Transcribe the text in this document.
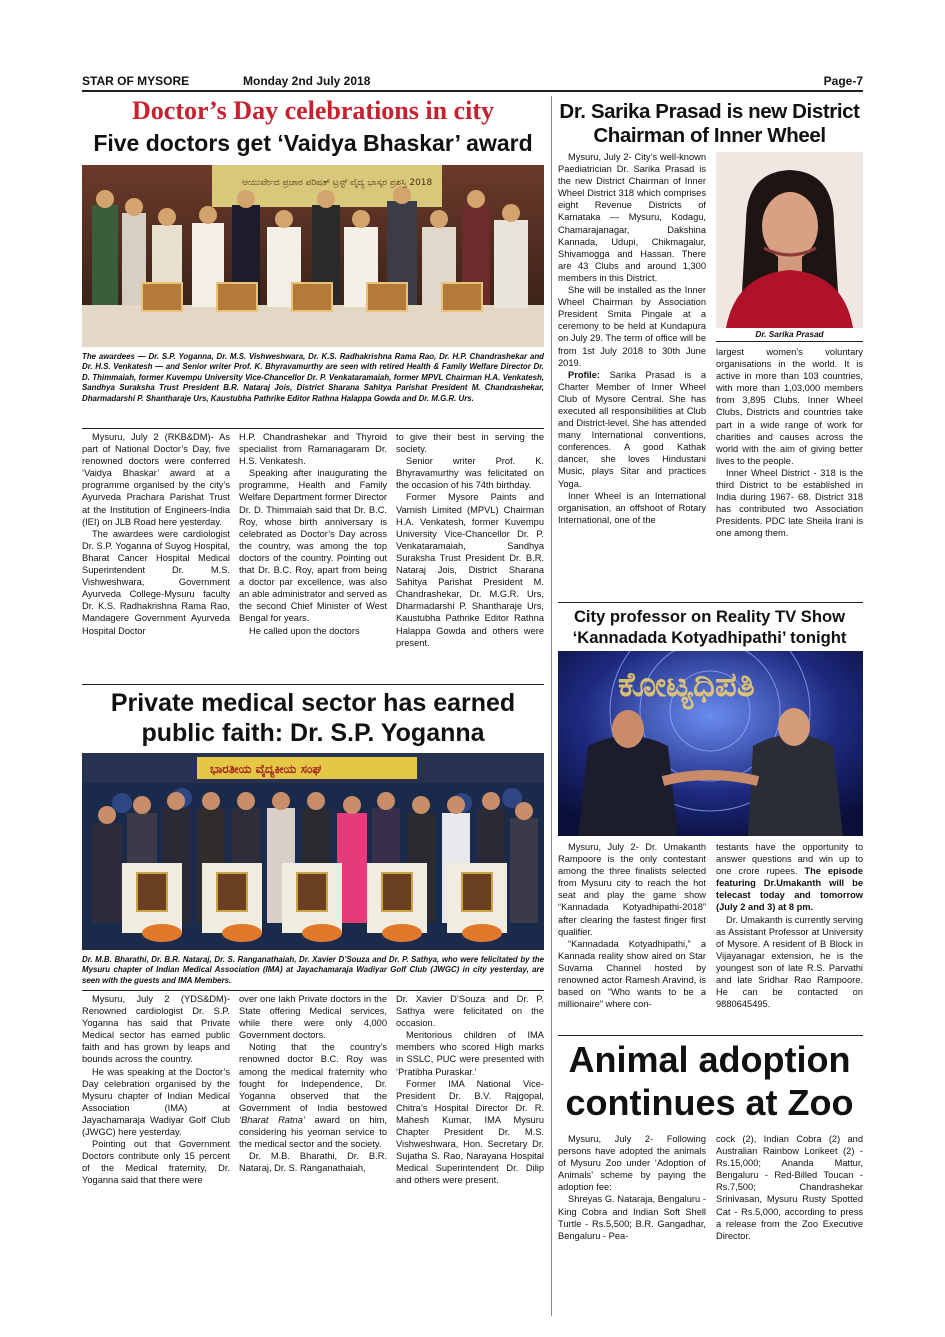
STAR OF MYSORE	Monday 2nd July 2018	Page-7
Doctor’s Day celebrations in city
Five doctors get ‘Vaidya Bhaskar’ award
ಆಯುರ್ವೇದ ಪ್ರಚಾರ ಪರಿಷತ್ ಟ್ರಸ್ಟ್ ವೈದ್ಯ ಭಾಸ್ಕರ ಪ್ರಶಸ್ತಿ 2018
The awardees — Dr. S.P. Yoganna, Dr. M.S. Vishweshwara, Dr. K.S. Radhakrishna Rama Rao, Dr. H.P. Chandrashekar and Dr. H.S. Venkatesh — and Senior writer Prof. K. Bhyravamurthy are seen with retired Health & Family Welfare Director Dr. D. Thimmaiah, former Kuvempu University Vice-Chancellor Dr. P. Venkataramaiah, former MPVL Chairman H.A. Venkatesh, Sandhya Suraksha Trust President B.R. Nataraj Jois, District Sharana Sahitya Parishat President M. Chandrashekar, Dharmadarshi P. Shantharaje Urs, Kaustubha Pathrike Editor Rathna Halappa Gowda and Dr. M.G.R. Urs.

Mysuru, July 2 (RKB&DM)- As part of National Doctor’s Day, five renowned doctors were conferred ‘Vaidya Bhaskar’ award at a programme organised by the city’s Ayurveda Prachara Parishat Trust at the Institution of Engineers-India (IEI) on JLB Road here yesterday.

The awardees were cardiologist Dr. S.P. Yoganna of Suyog Hospital, Bharat Cancer Hospital Medical Superintendent Dr. M.S. Vishweshwara, Government Ayurveda College-Mysuru faculty Dr. K.S. Radhakrishna Rama Rao, Mandagere Government Ayurveda Hospital Doctor

H.P. Chandrashekar and Thyroid specialist from Ramanagaram Dr. H.S. Venkatesh.

Speaking after inaugurating the programme, Health and Family Welfare Department former Director Dr. D. Thimmaiah said that Dr. B.C. Roy, whose birth anniversary is celebrated as Doctor’s Day across the country, was among the top doctors of the country. Pointing out that Dr. B.C. Roy, apart from being a doctor par excellence, was also an able administrator and served as the second Chief Minister of West Bengal for years.

He called upon the doctors

to give their best in serving the society.

Senior writer Prof. K. Bhyravamurthy was felicitated on the occasion of his 74th birthday.

Former Mysore Paints and Varnish Limited (MPVL) Chairman H.A. Venkatesh, former Kuvempu University Vice-Chancellor Dr. P. Venkataramaiah, Sandhya Suraksha Trust President Dr. B.R. Nataraj Jois, District Sharana Sahitya Parishat President M. Chandrashekar, Dr. M.G.R. Urs, Dharmadarshi P. Shantharaje Urs, Kaustubha Pathrike Editor Rathna Halappa Gowda and others were present.

Dr. Sarika Prasad is new District Chairman of Inner Wheel

Mysuru, July 2- City’s well-known Paediatrician Dr. Sarika Prasad is the new District Chairman of Inner Wheel District 318 which comprises eight Revenue Districts of Karnataka — Mysuru, Kodagu, Chamarajanagar, Dakshina Kannada, Udupi, Chikmagalur, Shivamogga and Hassan. There are 43 Clubs and around 1,300 members in this District.

She will be installed as the Inner Wheel Chairman by Association President Smita Pingale at a ceremony to be held at Kundapura on July 29. The term of office will be from 1st July 2018 to 30th June 2019.

Profile: Sarika Prasad is a Charter Member of Inner Wheel Club of Mysore Central. She has executed all responsibilities at Club and District-level. She has attended many International conventions, conferences. A good Kathak dancer, she loves Hindustani Music, plays Sitar and practices Yoga.

Inner Wheel is an International organisation, an offshoot of Rotary International, one of the

Dr. Sarika Prasad

largest women’s voluntary organisations in the world. It is active in more than 103 countries, with more than 1,03,000 members from 3,895 Clubs. Inner Wheel Clubs, Districts and countries take part in a wide range of work for charities and causes across the world with the aim of giving better lives to the people.

Inner Wheel District - 318 is the third District to be established in India during 1967- 68. District 318 has contributed two Association Presidents. PDC late Sheila Irani is one among them.

City professor on Reality TV Show ‘Kannadada Kotyadhipathi’ tonight
ಕೋಟ್ಯಧಿಪತಿ

Mysuru, July 2- Dr. Umakanth Rampoore is the only contestant among the three finalists selected from Mysuru city to reach the hot seat and play the game show “Kannadada Kotyadhipathi-2018” after clearing the fastest finger first qualifier.

“Kannadada Kotyadhipathi,” a Kannada reality show aired on Star Suvarna Channel hosted by renowned actor Ramesh Aravind, is based on “Who wants to be a millionaire” where con-

testants have the opportunity to answer questions and win up to one crore rupees. The episode featuring Dr.Umakanth will be telecast today and tomorrow (July 2 and 3) at 8 pm.

Dr. Umakanth is currently serving as Assistant Professor at University of Mysore. A resident of B Block in Vijayanagar extension, he is the youngest son of late R.S. Parvathi and late Sridhar Rao Rampoore. He can be contacted on 9880645495.

Animal adoption continues at Zoo

Mysuru, July 2- Following persons have adopted the animals of Mysuru Zoo under ‘Adoption of Animals’ scheme by paying the adoption fee:

Shreyas G. Nataraja, Bengaluru - King Cobra and Indian Soft Shell Turtle - Rs.5,500; B.R. Gangadhar, Bengaluru - Pea-

cock (2), Indian Cobra (2) and Australian Rainbow Lorikeet (2) - Rs.15,000; Ananda Mattur, Bengaluru - Red-Billed Toucan - Rs.7,500; Chandrashekar Srinivasan, Mysuru Rusty Spotted Cat - Rs.5,000, according to press a release from the Zoo Executive Director.

Private medical sector has earned public faith: Dr. S.P. Yoganna
ಭಾರತೀಯ ವೈದ್ಯಕೀಯ ಸಂಘ
Dr. M.B. Bharathi, Dr. B.R. Nataraj, Dr. S. Ranganathaiah, Dr. Xavier D’Souza and Dr. P. Sathya, who were felicitated by the Mysuru chapter of Indian Medical Association (IMA) at Jayachamaraja Wadiyar Golf Club (JWGC) in city yesterday, are seen with the guests and IMA Members.

Mysuru, July 2 (YDS&DM)- Renowned cardiologist Dr. S.P. Yoganna has said that Private Medical sector has earned public faith and has grown by leaps and bounds across the country.

He was speaking at the Doctor’s Day celebration organised by the Mysuru chapter of Indian Medical Association (IMA) at Jayachamaraja Wadiyar Golf Club (JWGC) here yesterday.

Pointing out that Government Doctors contribute only 15 percent of the Medical fraternity, Dr. Yoganna said that there were

over one lakh Private doctors in the State offering Medical services, while there were only 4,000 Government doctors.

Noting that the country’s renowned doctor B.C. Roy was among the medical fraternity who fought for Independence, Dr. Yoganna observed that the Government of India bestowed ‘Bharat Ratna’ award on him, considering his yeoman service to the medical sector and the society.

Dr. M.B. Bharathi, Dr. B.R. Nataraj, Dr. S. Ranganathaiah,

Dr. Xavier D’Souza and Dr. P. Sathya were felicitated on the occasion.

Meritorious children of IMA members who scored High marks in SSLC, PUC were presented with ‘Pratibha Puraskar.’

Former IMA National Vice-President Dr. B.V. Rajgopal, Chitra’s Hospital Director Dr. R. Mahesh Kumar, IMA Mysuru Chapter President Dr. M.S. Vishweshwara, Hon. Secretary Dr. Sujatha S. Rao, Narayana Hospital Medical Superintendent Dr. Dilip and others were present.
